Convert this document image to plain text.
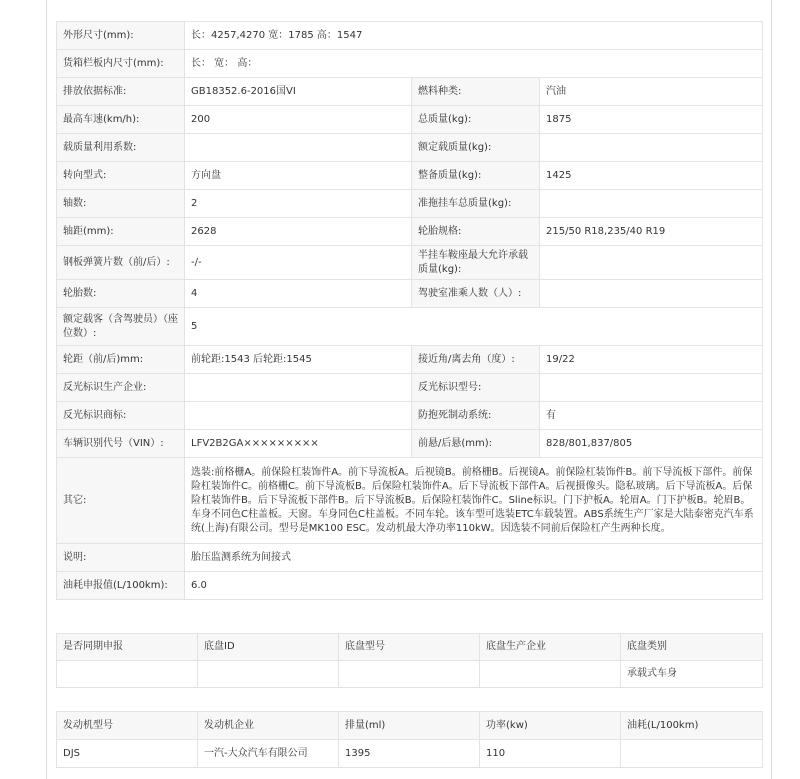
外形尺寸(mm):	长：4257,4270 宽：1785 高：1547		
货箱栏板内尺寸(mm):	长： 宽： 高：		
排放依据标准:	GB18352.6-2016国VI	燃料种类:	汽油
最高车速(km/h):	200	总质量(kg):	1875
载质量利用系数:		额定载质量(kg):	
转向型式:	方向盘	整备质量(kg):	1425
轴数:	2	准拖挂车总质量(kg):	
轴距(mm):	2628	轮胎规格:	215/50 R18,235/40 R19
钢板弹簧片数（前/后）:	-/-	半挂车鞍座最大允许承载质量(kg):	
轮胎数:	4	驾驶室准乘人数（人）:	
额定载客（含驾驶员）（座位数）:	5		
轮距（前/后)mm:	前轮距:1543 后轮距:1545	接近角/离去角（度）:	19/22
反光标识生产企业:		反光标识型号:	
反光标识商标:		防抱死制动系统:	有
车辆识别代号（VIN）:	LFV2B2GA×××××××××	前悬/后悬(mm):	828/801,837/805
其它:	选装:前格栅A。前保险杠装饰件A。前下导流板A。后视镜B。前格栅B。后视镜A。前保险杠装饰件B。前下导流板下部件。前保险杠装饰件C。前格栅C。前下导流板B。后保险杠装饰件A。后下导流板下部件A。后视摄像头。隐私玻璃。后下导流板A。后保险杠装饰件B。后下导流板下部件B。后下导流板B。后保险杠装饰件C。Sline标识。门下护板A。轮眉A。门下护板B。轮眉B。车身不同色C柱盖板。天窗。车身同色C柱盖板。不同车轮。该车型可选装ETC车载装置。ABS系统生产厂家是大陆泰密克汽车系统(上海)有限公司。型号是MK100 ESC。发动机最大净功率110kW。因选装不同前后保险杠产生两种长度。		
说明:	胎压监测系统为间接式		
油耗申报值(L/100km):	6.0		
是否同期申报	底盘ID	底盘型号	底盘生产企业	底盘类别
				承载式车身
发动机型号	发动机企业	排量(ml)	功率(kw)	油耗(L/100km)
DJS	一汽-大众汽车有限公司	1395	110	
